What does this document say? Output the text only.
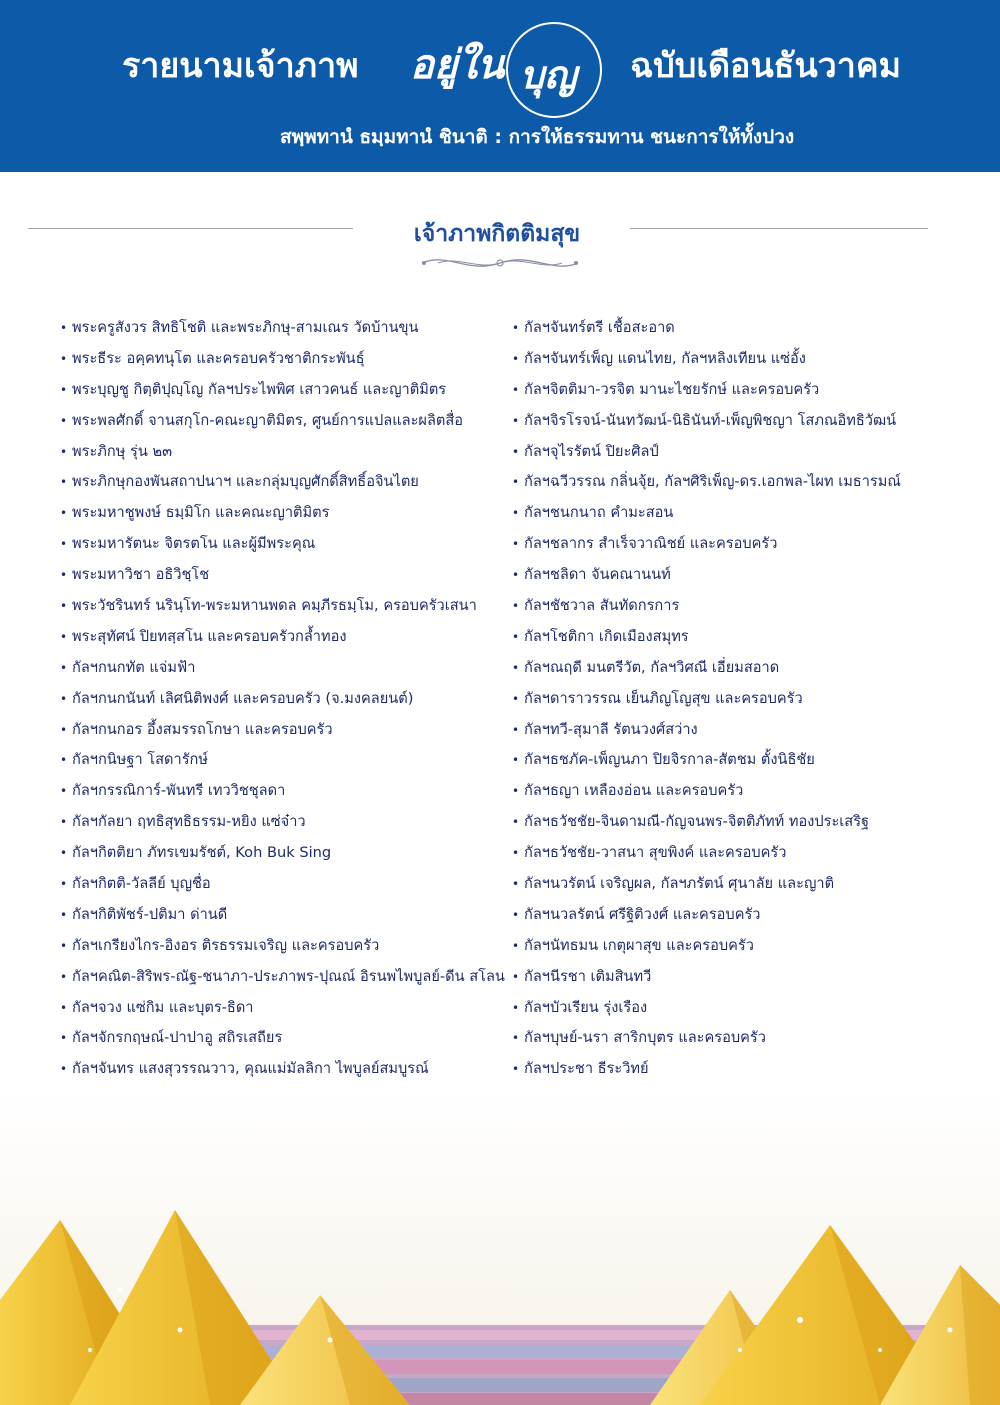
รายนามเจ้าภาพ อยู่ใน บุญ ฉบับเดือนธันวาคม
สพฺพทานํ ธมฺมทานํ ชินาติ : การให้ธรรมทาน ชนะการให้ทั้งปวง
เจ้าภาพกิตติมสุข
• พระครูสังวร สิทธิโชติ และพระภิกษุ-สามเณร วัดบ้านขุน
• พระธีระ อคฺคทนุโต และครอบครัวชาติกระพันธุ์
• พระบุญชู กิตฺติปุญฺโญ กัลฯประไพพิศ เสาวคนธ์ และญาติมิตร
• พระพลศักดิ์ จานสกุโก-คณะญาติมิตร, ศูนย์การแปลและผลิตสื่อ
• พระภิกษุ รุ่น ๒๓
• พระภิกษุกองพันสถาปนาฯ และกลุ่มบุญศักดิ์สิทธิ์อจินไตย
• พระมหาชูพงษ์ ธมฺมิโก และคณะญาติมิตร
• พระมหารัตนะ จิตรตโน และผู้มีพระคุณ
• พระมหาวิชา อธิวิชฺโช
• พระวัชรินทร์ นรินฺโท-พระมหานพดล คมฺภีรธมฺโม, ครอบครัวเสนา
• พระสุทัศน์ ปิยทสฺสโน และครอบครัวกล้ำทอง
• กัลฯกนกทัต แจ่มฟ้า
• กัลฯกนกนันท์ เลิศนิติพงศ์ และครอบครัว (จ.มงคลยนต์)
• กัลฯกนกอร อึ้งสมรรถโกษา และครอบครัว
• กัลฯกนิษฐา โสดารักษ์
• กัลฯกรรณิการ์-พันทรี เทววิชชุลดา
• กัลฯกัลยา ฤทธิสุทธิธรรม-หยิง แซ่จ๋าว
• กัลฯกิตติยา ภัทรเขมรัชต์, Koh Buk Sing
• กัลฯกิตติ-วัลลีย์ บุญชื่อ
• กัลฯกิติพัชร์-ปติมา ด่านดี
• กัลฯเกรียงไกร-อิงอร ติรธรรมเจริญ และครอบครัว
• กัลฯคณิต-สิริพร-ณัฐ-ชนาภา-ประภาพร-ปุณณ์ อิรนพไพบูลย์-ดีน สโลน
• กัลฯจวง แซ่กิม และบุตร-ธิดา
• กัลฯจักรกฤษณ์-ปาปาอู สถิรเสถียร
• กัลฯจันทร แสงสุวรรณวาว, คุณแม่มัลลิกา ไพบูลย์สมบูรณ์
• กัลฯจันทร์ตรี เชื้อสะอาด
• กัลฯจันทร์เพ็ญ แดนไทย, กัลฯหลิงเทียน แซ่อั้ง
• กัลฯจิตติมา-วรจิต มานะไชยรักษ์ และครอบครัว
• กัลฯจิรโรจน์-นันทวัฒน์-นิธินันท์-เพ็ญพิชญา โสภณอิทธิวัฒน์
• กัลฯจุไรรัตน์ ปิยะศิลป์
• กัลฯฉวีวรรณ กลิ่นจุ้ย, กัลฯศิริเพ็ญ-ดร.เอกพล-ไผท เมธารมณ์
• กัลฯชนกนาถ คำมะสอน
• กัลฯชลากร สำเร็จวาณิชย์ และครอบครัว
• กัลฯชลิดา จันคณานนท์
• กัลฯชัชวาล สันทัดกรการ
• กัลฯโชติกา เกิดเมืองสมุทร
• กัลฯณฤดี มนตรีวัต, กัลฯวิศณี เอี่ยมสอาด
• กัลฯดาราวรรณ เย็นภิญโญสุข และครอบครัว
• กัลฯทวี-สุมาลี รัตนวงศ์สว่าง
• กัลฯธชภัค-เพ็ญนภา ปิยจิรกาล-สัตชม ตั้งนิธิชัย
• กัลฯธญา เหลืองอ่อน และครอบครัว
• กัลฯธวัชชัย-จินดามณี-กัญจนพร-จิตติภัทท์ ทองประเสริฐ
• กัลฯธวัชชัย-วาสนา สุขพิงค์ และครอบครัว
• กัลฯนวรัตน์ เจริญผล, กัลฯภรัตน์ ศุนาลัย และญาติ
• กัลฯนวลรัตน์ ศรีฐิติวงศ์ และครอบครัว
• กัลฯนัทธมน เกตุผาสุข และครอบครัว
• กัลฯนีรชา เติมสินทวี
• กัลฯบัวเรียน รุ่งเรือง
• กัลฯบุษย์-นรา สาริกบุตร และครอบครัว
• กัลฯประชา ธีระวิทย์
